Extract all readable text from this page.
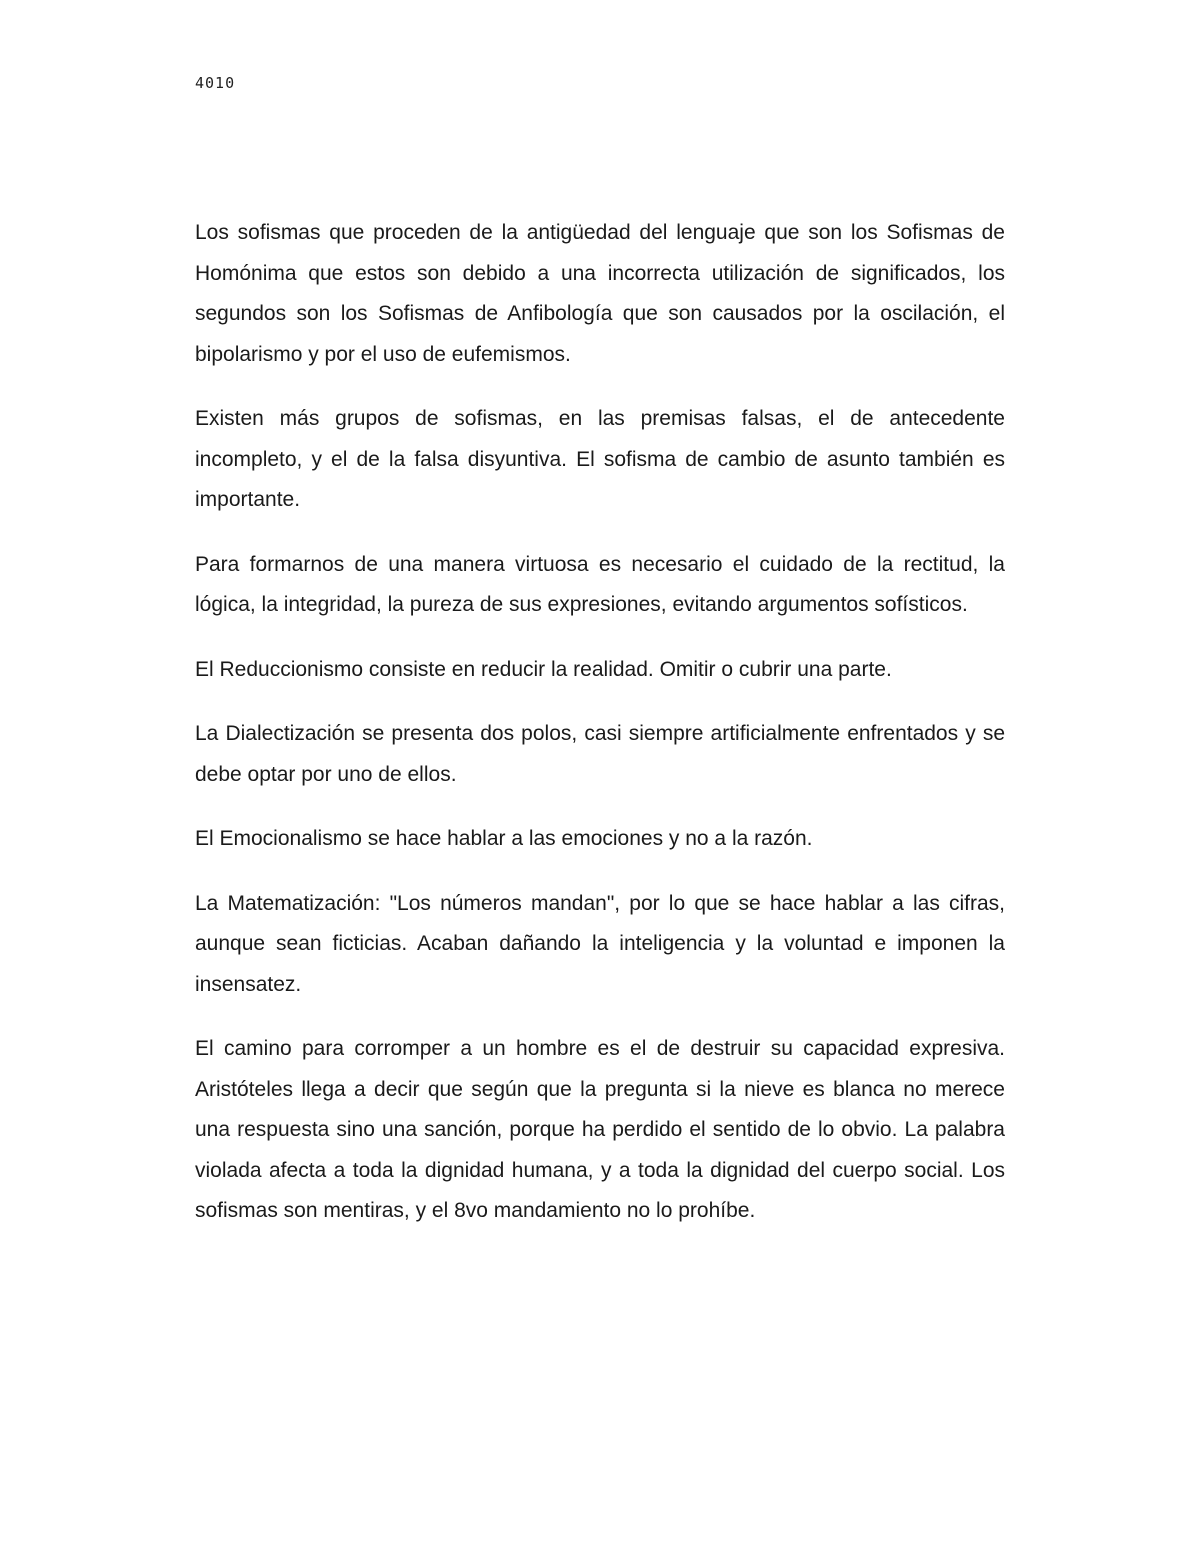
4010

Los sofismas que proceden de la antigüedad del lenguaje que son los Sofismas de Homónima que estos son debido a una incorrecta utilización de significados, los segundos son los Sofismas de Anfibología que son causados por la oscilación, el bipolarismo y por el uso de eufemismos.

Existen más grupos de sofismas, en las premisas falsas, el de antecedente incompleto, y el de la falsa disyuntiva. El sofisma de cambio de asunto también es importante.

Para formarnos de una manera virtuosa es necesario el cuidado de la rectitud, la lógica, la integridad, la pureza de sus expresiones, evitando argumentos sofísticos.

El Reduccionismo consiste en reducir la realidad. Omitir o cubrir una parte.

La Dialectización se presenta dos polos, casi siempre artificialmente enfrentados y se debe optar por uno de ellos.

El Emocionalismo se hace hablar a las emociones y no a la razón.

La Matematización: "Los números mandan", por lo que se hace hablar a las cifras, aunque sean ficticias. Acaban dañando la inteligencia y la voluntad e imponen la insensatez.

El camino para corromper a un hombre es el de destruir su capacidad expresiva. Aristóteles llega a decir que según que la pregunta si la nieve es blanca no merece una respuesta sino una sanción, porque ha perdido el sentido de lo obvio. La palabra violada afecta a toda la dignidad humana, y a toda la dignidad del cuerpo social. Los sofismas son mentiras, y el 8vo mandamiento no lo prohíbe.
